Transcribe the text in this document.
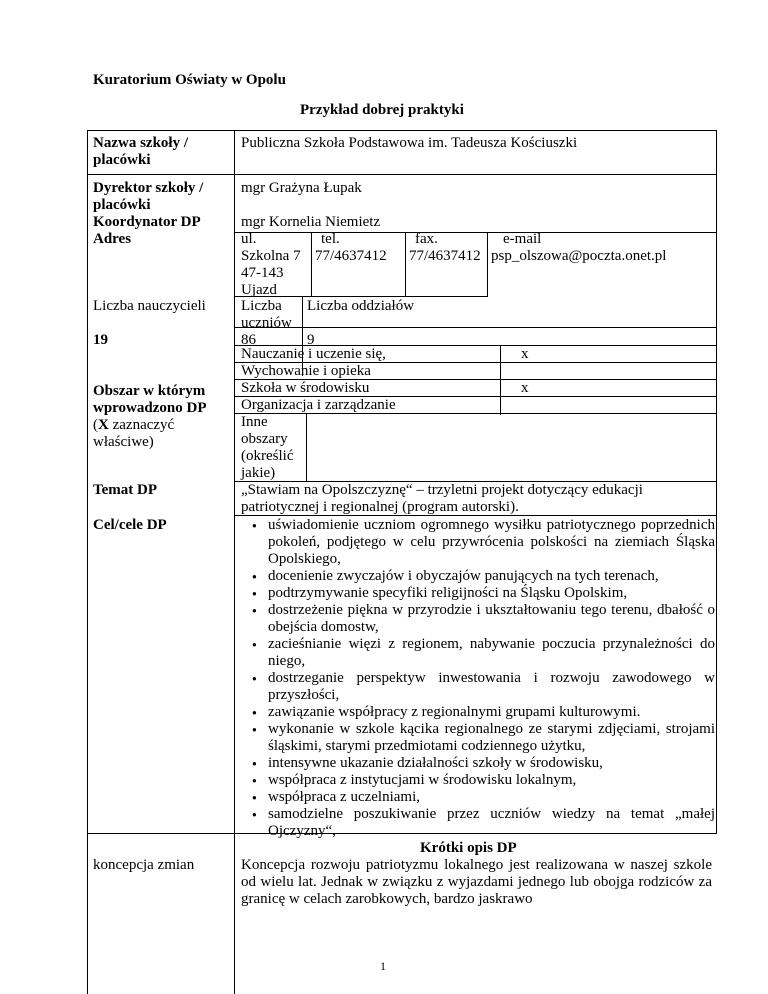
Kuratorium Oświaty w Opolu
Przykład dobrej praktyki
Nazwa szkoły / placówki
Publiczna Szkoła Podstawowa im. Tadeusza Kościuszki
Dyrektor szkoły / placówki
Koordynator DP
Adres
mgr Grażyna Łupak
mgr Kornelia Niemietz
ul.
Szkolna 7
47-143
Ujazd
tel.
77/4637412
fax.
77/4637412
e-mail
psp_olszowa@poczta.onet.pl
Liczba nauczycieli
19
Liczba uczniów
86
Liczba oddziałów
9
Obszar w którym wprowadzono DP
(X zaznaczyć właściwe)
Nauczanie i uczenie się,	x
Wychowanie i opieka
Szkoła w środowisku	x
Organizacja i zarządzanie
Inne obszary (określić jakie)
Temat DP	„Stawiam na Opolszczyznę“ – trzyletni projekt dotyczący edukacji patriotycznej i regionalnej (program autorski).
Cel/cele DP
●	uświadomienie uczniom ogromnego wysiłku patriotycznego poprzednich pokoleń, podjętego w celu przywrócenia polskości na ziemiach Śląska Opolskiego,
● docenienie zwyczajów i obyczajów panujących na tych terenach,
● podtrzymywanie specyfiki religijności na Śląsku Opolskim,
● dostrzeżenie piękna w przyrodzie i ukształtowaniu tego terenu, dbałość o obejścia domostw,
● zacieśnianie więzi z regionem, nabywanie poczucia przynależności do niego,
● dostrzeganie perspektyw inwestowania i rozwoju zawodowego w przyszłości,
● zawiązanie współpracy z regionalnymi grupami kulturowymi.
● wykonanie w szkole kącika regionalnego ze starymi zdjęciami, strojami śląskimi, starymi przedmiotami codziennego użytku,
● intensywne ukazanie działalności szkoły w środowisku,
● współpraca z instytucjami w środowisku lokalnym,
● współpraca z uczelniami,
● samodzielne poszukiwanie przez uczniów wiedzy na temat „małej Ojczyzny“,
Krótki opis DP
koncepcja zmian	Koncepcja rozwoju patriotyzmu lokalnego jest realizowana w naszej szkole od wielu lat. Jednak w związku z wyjazdami jednego lub obojga rodziców za granicę w celach zarobkowych, bardzo jaskrawo
1
